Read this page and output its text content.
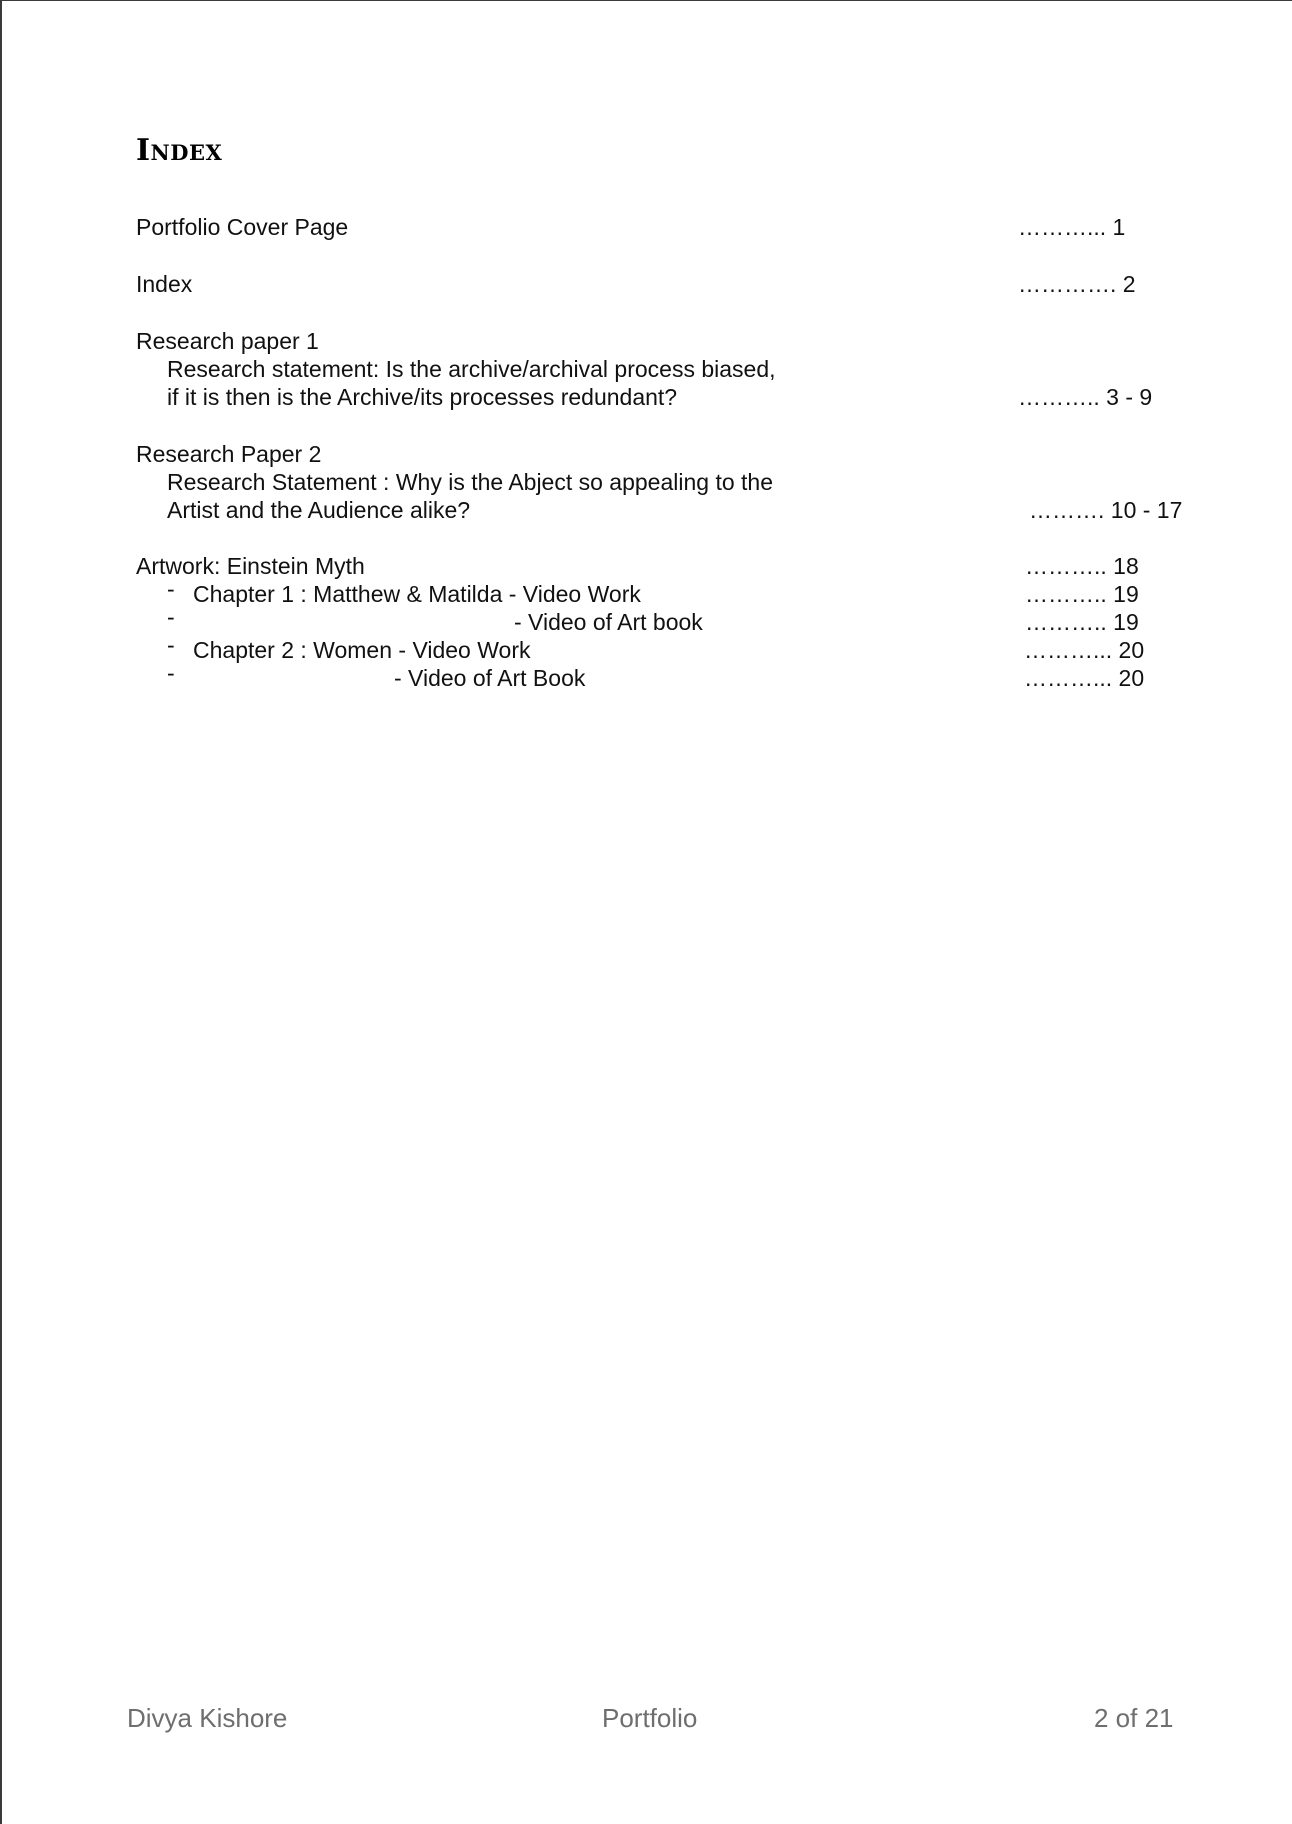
Index
Portfolio Cover Page	………... 1
Index	…………. 2
Research paper 1
Research statement: Is the archive/archival process biased,
if it is then is the Archive/its processes redundant?	……….. 3 - 9
Research Paper 2
Research Statement : Why is the Abject so appealing to the
Artist and the Audience alike?	………. 10 - 17
Artwork: Einstein Myth	……….. 18
- Chapter 1 : Matthew & Matilda - Video Work	……….. 19
-	- Video of Art book	……….. 19
- Chapter 2 : Women - Video Work	………... 20
-	- Video of Art Book	………... 20
Divya Kishore	Portfolio	2 of 21
